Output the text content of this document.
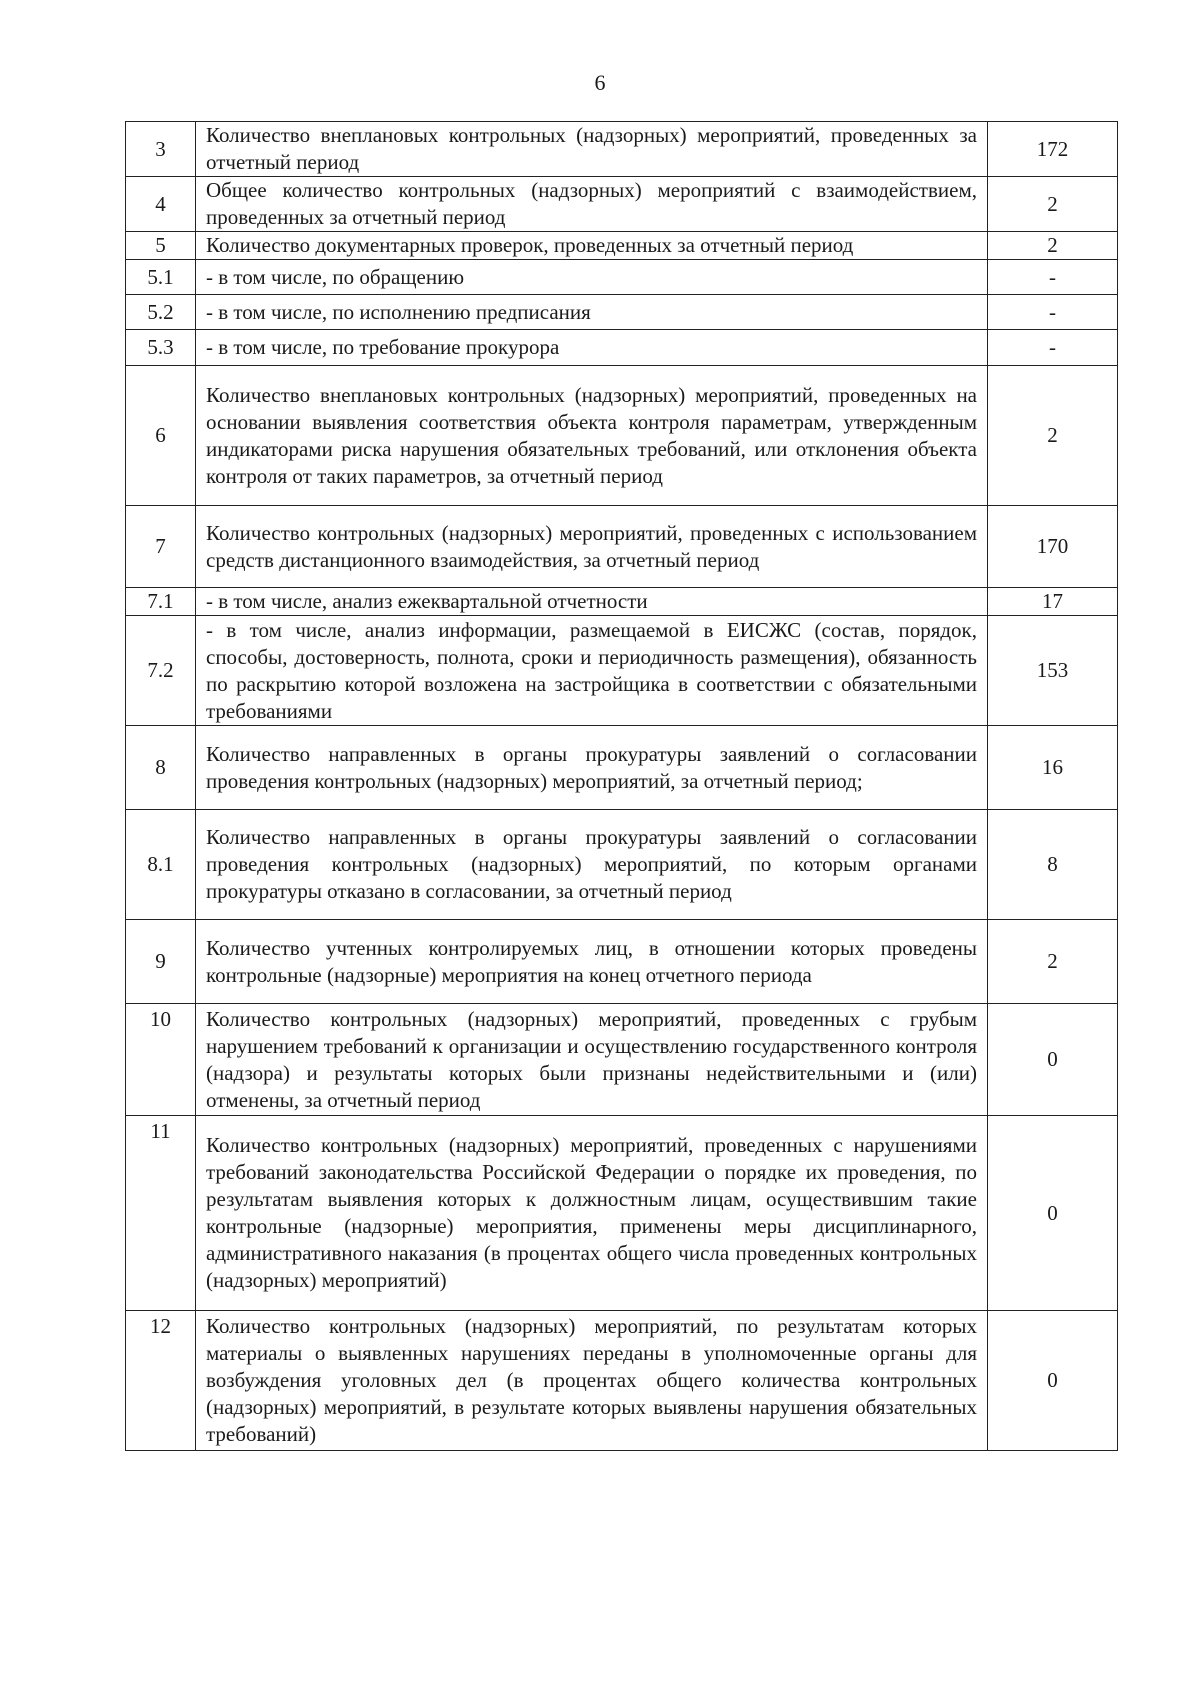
6
3	Количество внеплановых контрольных (надзорных) мероприятий, проведенных за отчетный период	172
4	Общее количество контрольных (надзорных) мероприятий с взаимодействием, проведенных за отчетный период	2
5	Количество документарных проверок, проведенных за отчетный период	2
5.1	- в том числе, по обращению	-
5.2	- в том числе, по исполнению предписания	-
5.3	- в том числе, по требование прокурора	-
6	Количество внеплановых контрольных (надзорных) мероприятий, проведенных на основании выявления соответствия объекта контроля параметрам, утвержденным индикаторами риска нарушения обязательных требований, или отклонения объекта контроля от таких параметров, за отчетный период	2
7	Количество контрольных (надзорных) мероприятий, проведенных с использованием средств дистанционного взаимодействия, за отчетный период	170
7.1	- в том числе, анализ ежеквартальной отчетности	17
7.2	- в том числе, анализ информации, размещаемой в ЕИСЖС (состав, порядок, способы, достоверность, полнота, сроки и периодичность размещения), обязанность по раскрытию которой возложена на застройщика в соответствии с обязательными требованиями	153
8	Количество направленных в органы прокуратуры заявлений о согласовании проведения контрольных (надзорных) мероприятий, за отчетный период;	16
8.1	Количество направленных в органы прокуратуры заявлений о согласовании проведения контрольных (надзорных) мероприятий, по которым органами прокуратуры отказано в согласовании, за отчетный период	8
9	Количество учтенных контролируемых лиц, в отношении которых проведены контрольные (надзорные) мероприятия на конец отчетного периода	2
10	Количество контрольных (надзорных) мероприятий, проведенных с грубым нарушением требований к организации и осуществлению государственного контроля (надзора) и результаты которых были признаны недействительными и (или) отменены, за отчетный период	0
11	Количество контрольных (надзорных) мероприятий, проведенных с нарушениями требований законодательства Российской Федерации о порядке их проведения, по результатам выявления которых к должностным лицам, осуществившим такие контрольные (надзорные) мероприятия, применены меры дисциплинарного, административного наказания (в процентах общего числа проведенных контрольных (надзорных) мероприятий)	0
12	Количество контрольных (надзорных) мероприятий, по результатам которых материалы о выявленных нарушениях переданы в уполномоченные органы для возбуждения уголовных дел (в процентах общего количества контрольных (надзорных) мероприятий, в результате которых выявлены нарушения обязательных требований)	0
